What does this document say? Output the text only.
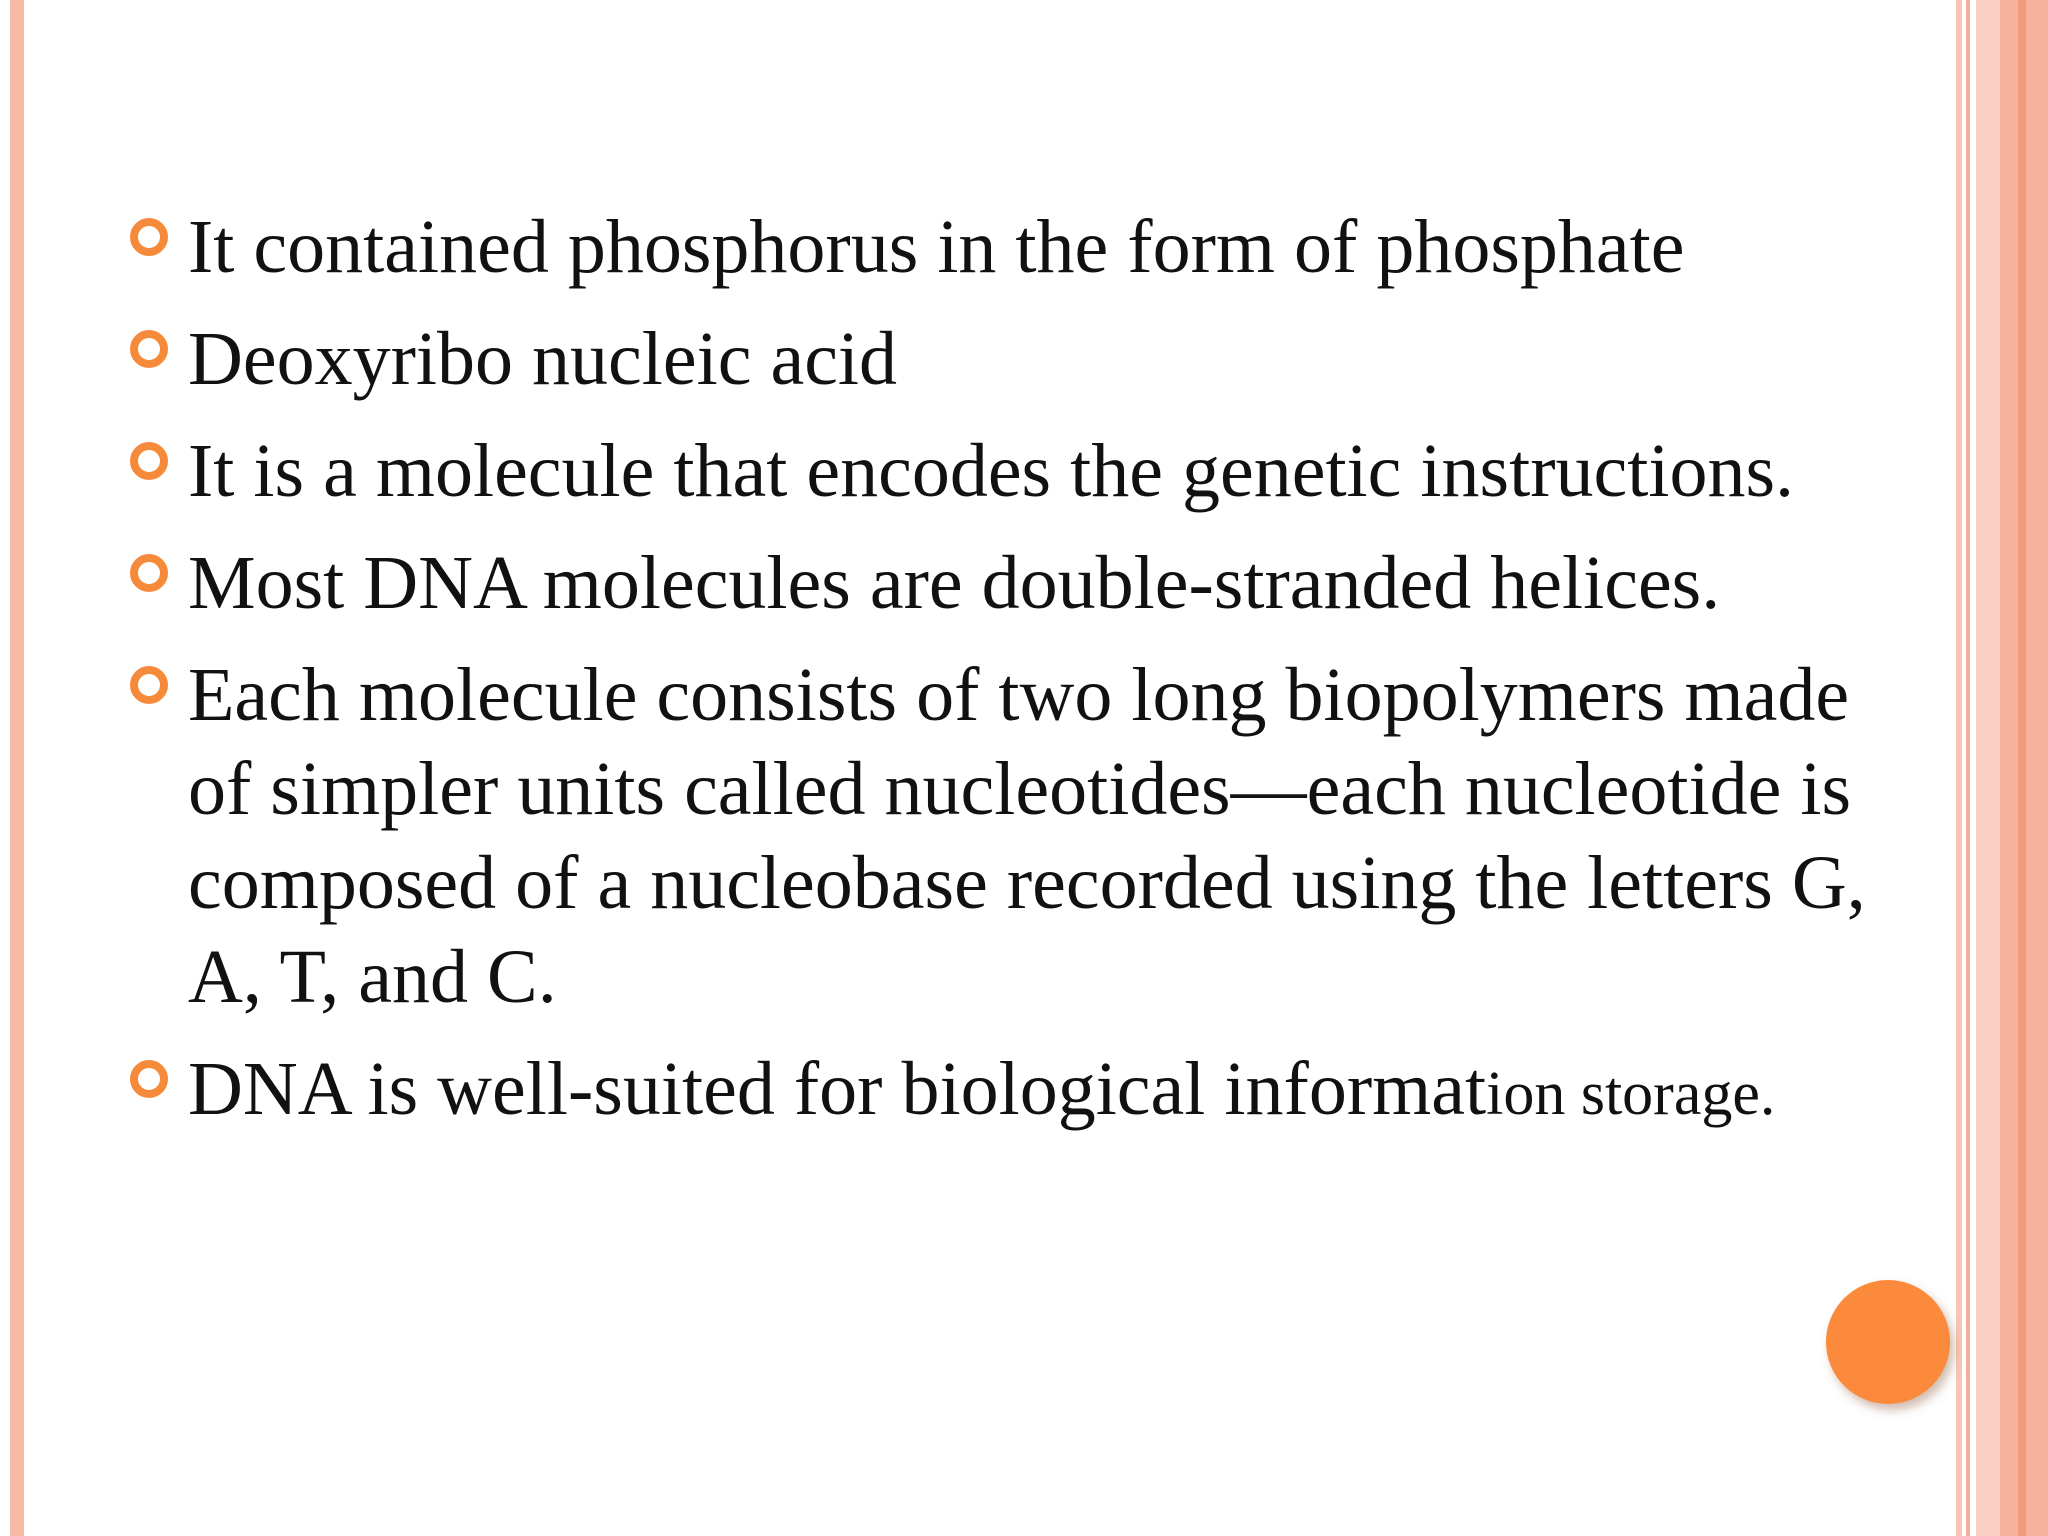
It contained phosphorus in the form of phosphate
Deoxyribo nucleic acid
It is a molecule that encodes the genetic instructions.
Most DNA molecules are double-stranded helices.
Each molecule consists of two long biopolymers made of simpler units called nucleotides—each nucleotide is composed of a nucleobase recorded using the letters G, A, T, and C.
DNA is well-suited for biological information storage.
